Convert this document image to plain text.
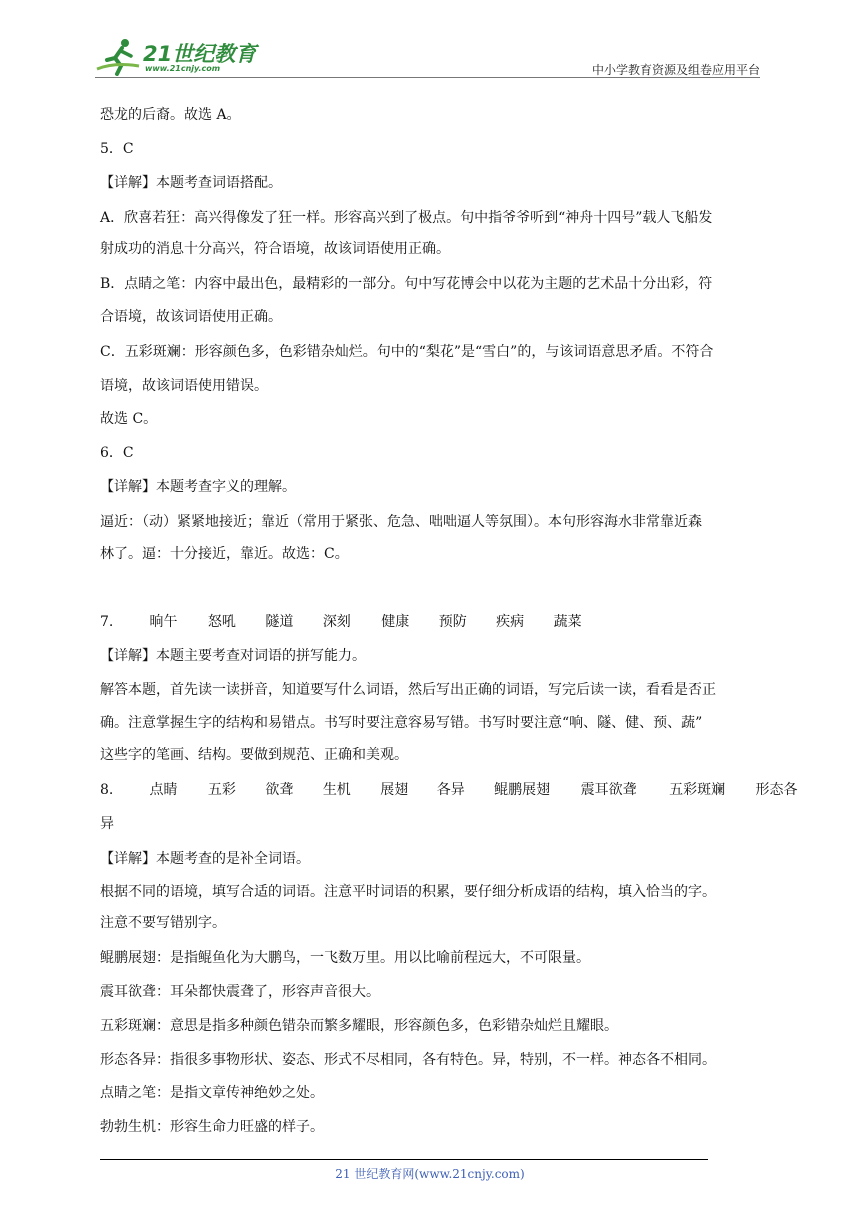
21世纪教育
www.21cnjy.com	中小学教育资源及组卷应用平台
恐龙的后裔。故选 A。
5．C
【详解】本题考查词语搭配。
A．欣喜若狂：高兴得像发了狂一样。形容高兴到了极点。句中指爷爷听到“神舟十四号”载人飞船发
射成功的消息十分高兴，符合语境，故该词语使用正确。
B．点睛之笔：内容中最出色，最精彩的一部分。句中写花博会中以花为主题的艺术品十分出彩，符
合语境，故该词语使用正确。
C．五彩斑斓：形容颜色多，色彩错杂灿烂。句中的“梨花”是“雪白”的，与该词语意思矛盾。不符合
语境，故该词语使用错误。
故选 C。
6．C
【详解】本题考查字义的理解。
逼近：（动）紧紧地接近；靠近（常用于紧张、危急、咄咄逼人等氛围）。本句形容海水非常靠近森
林了。逼：十分接近，靠近。故选：C。
7.	晌午 怒吼 隧道 深刻 健康 预防 疾病 蔬菜
【详解】本题主要考查对词语的拼写能力。
解答本题，首先读一读拼音，知道要写什么词语，然后写出正确的词语，写完后读一读，看看是否正
确。注意掌握生字的结构和易错点。书写时要注意容易写错。书写时要注意“响、隧、健、预、蔬”
这些字的笔画、结构。要做到规范、正确和美观。
8.	点睛 五彩 欲聋 生机 展翅 各异 鲲鹏展翅 震耳欲聋 五彩斑斓 形态各
异
【详解】本题考查的是补全词语。
根据不同的语境，填写合适的词语。注意平时词语的积累，要仔细分析成语的结构，填入恰当的字。
注意不要写错别字。
鲲鹏展翅：是指鲲鱼化为大鹏鸟，一飞数万里。用以比喻前程远大，不可限量。
震耳欲聋：耳朵都快震聋了，形容声音很大。
五彩斑斓：意思是指多种颜色错杂而繁多耀眼，形容颜色多，色彩错杂灿烂且耀眼。
形态各异：指很多事物形状、姿态、形式不尽相同，各有特色。异，特别，不一样。神态各不相同。
点睛之笔：是指文章传神绝妙之处。
勃勃生机：形容生命力旺盛的样子。
21 世纪教育网(www.21cnjy.com)
